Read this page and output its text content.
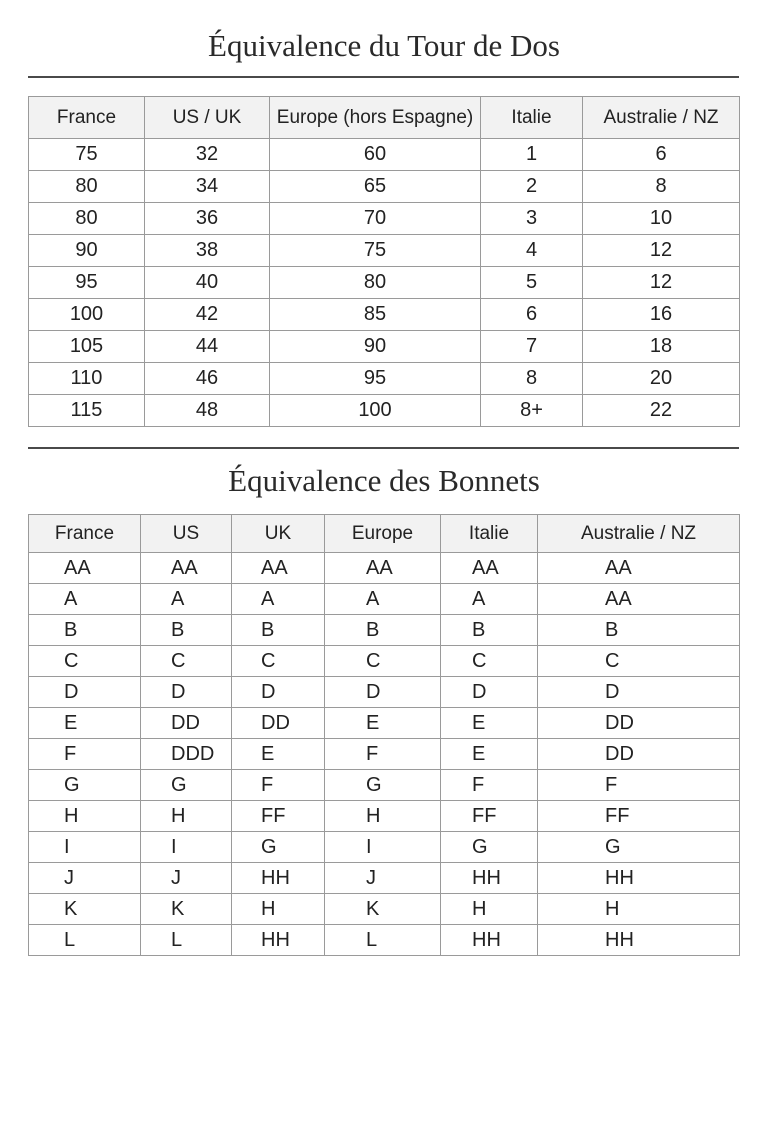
Équivalence du Tour de Dos
France	US / UK	Europe (hors Espagne)	Italie	Australie / NZ
75	32	60	1	6
80	34	65	2	8
80	36	70	3	10
90	38	75	4	12
95	40	80	5	12
100	42	85	6	16
105	44	90	7	18
110	46	95	8	20
115	48	100	8+	22
Équivalence des Bonnets
France	US	UK	Europe	Italie	Australie / NZ
AA	AA	AA	AA	AA	AA
A	A	A	A	A	AA
B	B	B	B	B	B
C	C	C	C	C	C
D	D	D	D	D	D
E	DD	DD	E	E	DD
F	DDD	E	F	E	DD
G	G	F	G	F	F
H	H	FF	H	FF	FF
I	I	G	I	G	G
J	J	HH	J	HH	HH
K	K	H	K	H	H
L	L	HH	L	HH	HH
